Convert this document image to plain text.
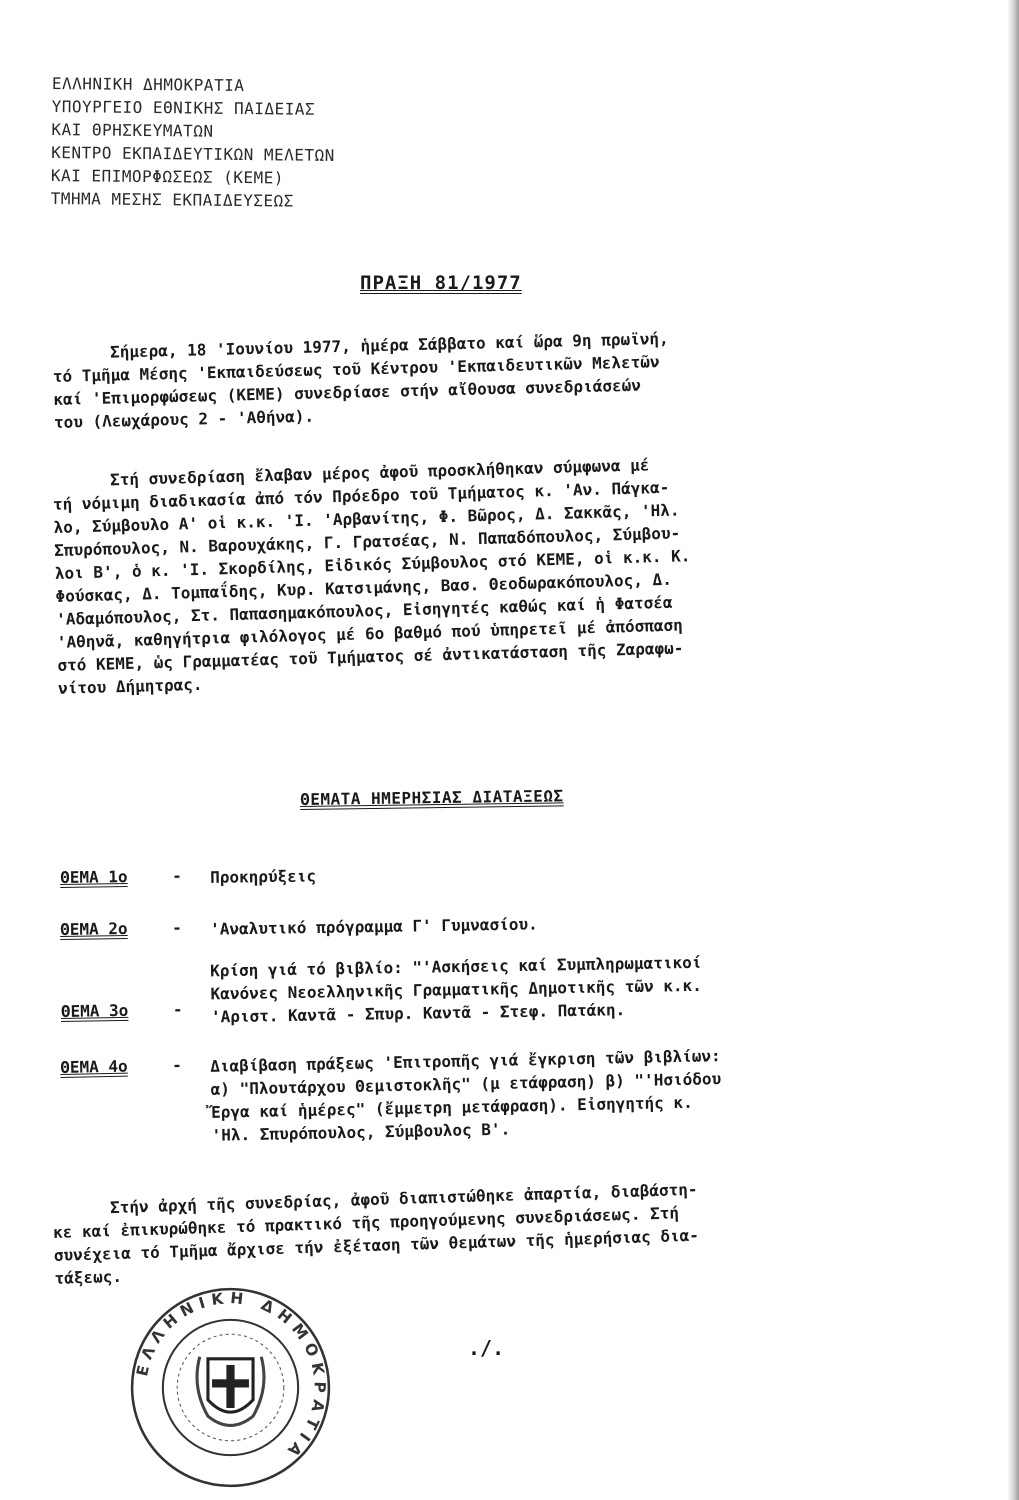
ΕΛΛΗΝΙΚΗ ΔΗΜΟΚΡΑΤΙΑ
ΥΠΟΥΡΓΕΙΟ ΕΘΝΙΚΗΣ ΠΑΙΔΕΙΑΣ
ΚΑΙ ΘΡΗΣΚΕΥΜΑΤΩΝ
ΚΕΝΤΡΟ ΕΚΠΑΙΔΕΥΤΙΚΩΝ ΜΕΛΕΤΩΝ
ΚΑΙ ΕΠΙΜΟΡΦΩΣΕΩΣ (ΚΕΜΕ)
ΤΜΗΜΑ ΜΕΣΗΣ ΕΚΠΑΙΔΕΥΣΕΩΣ
ΠΡΑΞΗ 81/1977
Σήμερα, 18 'Ιουνίου 1977, ἡμέρα Σάββατο καί ὥρα 9η πρωϊνή,
τό Τμῆμα Μέσης 'Εκπαιδεύσεως τοῦ Κέντρου 'Εκπαιδευτικῶν Μελετῶν
καί 'Επιμορφώσεως (ΚΕΜΕ) συνεδρίασε στήν αἴθουσα συνεδριάσεών
του (Λεωχάρους 2 - 'Αθήνα).
Στή συνεδρίαση ἔλαβαν μέρος ἀφοῦ προσκλήθηκαν σύμφωνα μέ
τή νόμιμη διαδικασία ἀπό τόν Πρόεδρο τοῦ Τμήματος κ. 'Αν. Πάγκα-
λο, Σύμβουλο Α' οἱ κ.κ. 'Ι. 'Αρβανίτης, Φ. Βῶρος, Δ. Σακκᾶς, 'Ηλ.
Σπυρόπουλος, Ν. Βαρουχάκης, Γ. Γρατσέας, Ν. Παπαδόπουλος, Σύμβου-
λοι Β', ὁ κ. 'Ι. Σκορδίλης, Εἰδικός Σύμβουλος στό ΚΕΜΕ, οἱ κ.κ. Κ.
Φούσκας, Δ. Τομπαΐδης, Κυρ. Κατσιμάνης, Βασ. Θεοδωρακόπουλος, Δ.
'Αδαμόπουλος, Στ. Παπασημακόπουλος, Εἰσηγητές καθώς καί ἡ Φατσέα
'Αθηνᾶ, καθηγήτρια φιλόλογος μέ 6ο βαθμό πού ὑπηρετεῖ μέ ἀπόσπαση
στό ΚΕΜΕ, ὡς Γραμματέας τοῦ Τμήματος σέ ἀντικατάσταση τῆς Ζαραφω-
νίτου Δήμητρας.
ΘΕΜΑΤΑ ΗΜΕΡΗΣΙΑΣ ΔΙΑΤΑΞΕΩΣ
ΘΕΜΑ 1ο	- Προκηρύξεις
ΘΕΜΑ 2ο	- 'Αναλυτικό πρόγραμμα Γ' Γυμνασίου.
ΘΕΜΑ 3ο	-Κρίση γιά τό βιβλίο: "'Ασκήσεις καί Συμπληρωματικοί
Κανόνες Νεοελληνικῆς Γραμματικῆς Δημοτικῆς τῶν κ.κ.
'Αριστ. Καντᾶ - Σπυρ. Καντᾶ - Στεφ. Πατάκη.
ΘΕΜΑ 4ο	- Διαβίβαση πράξεως 'Επιτροπῆς γιά ἔγκριση τῶν βιβλίων:
α) "Πλουτάρχου Θεμιστοκλῆς" (μ ετάφραση) β) "'Ησιόδου
Ἔργα καί ἡμέρες" (ἔμμετρη μετάφραση). Εἰσηγητής κ.
'Ηλ. Σπυρόπουλος, Σύμβουλος Β'.
Στήν ἀρχή τῆς συνεδρίας, ἀφοῦ διαπιστώθηκε ἀπαρτία, διαβάστη-
κε καί ἐπικυρώθηκε τό πρακτικό τῆς προηγούμενης συνεδριάσεως. Στή
συνέχεια τό Τμῆμα ἄρχισε τήν ἐξέταση τῶν θεμάτων τῆς ἡμερήσιας δια-
τάξεως.
./.
ΕΛΛΗΝΙΚΗ ΔΗΜΟΚΡΑΤΙΑ
